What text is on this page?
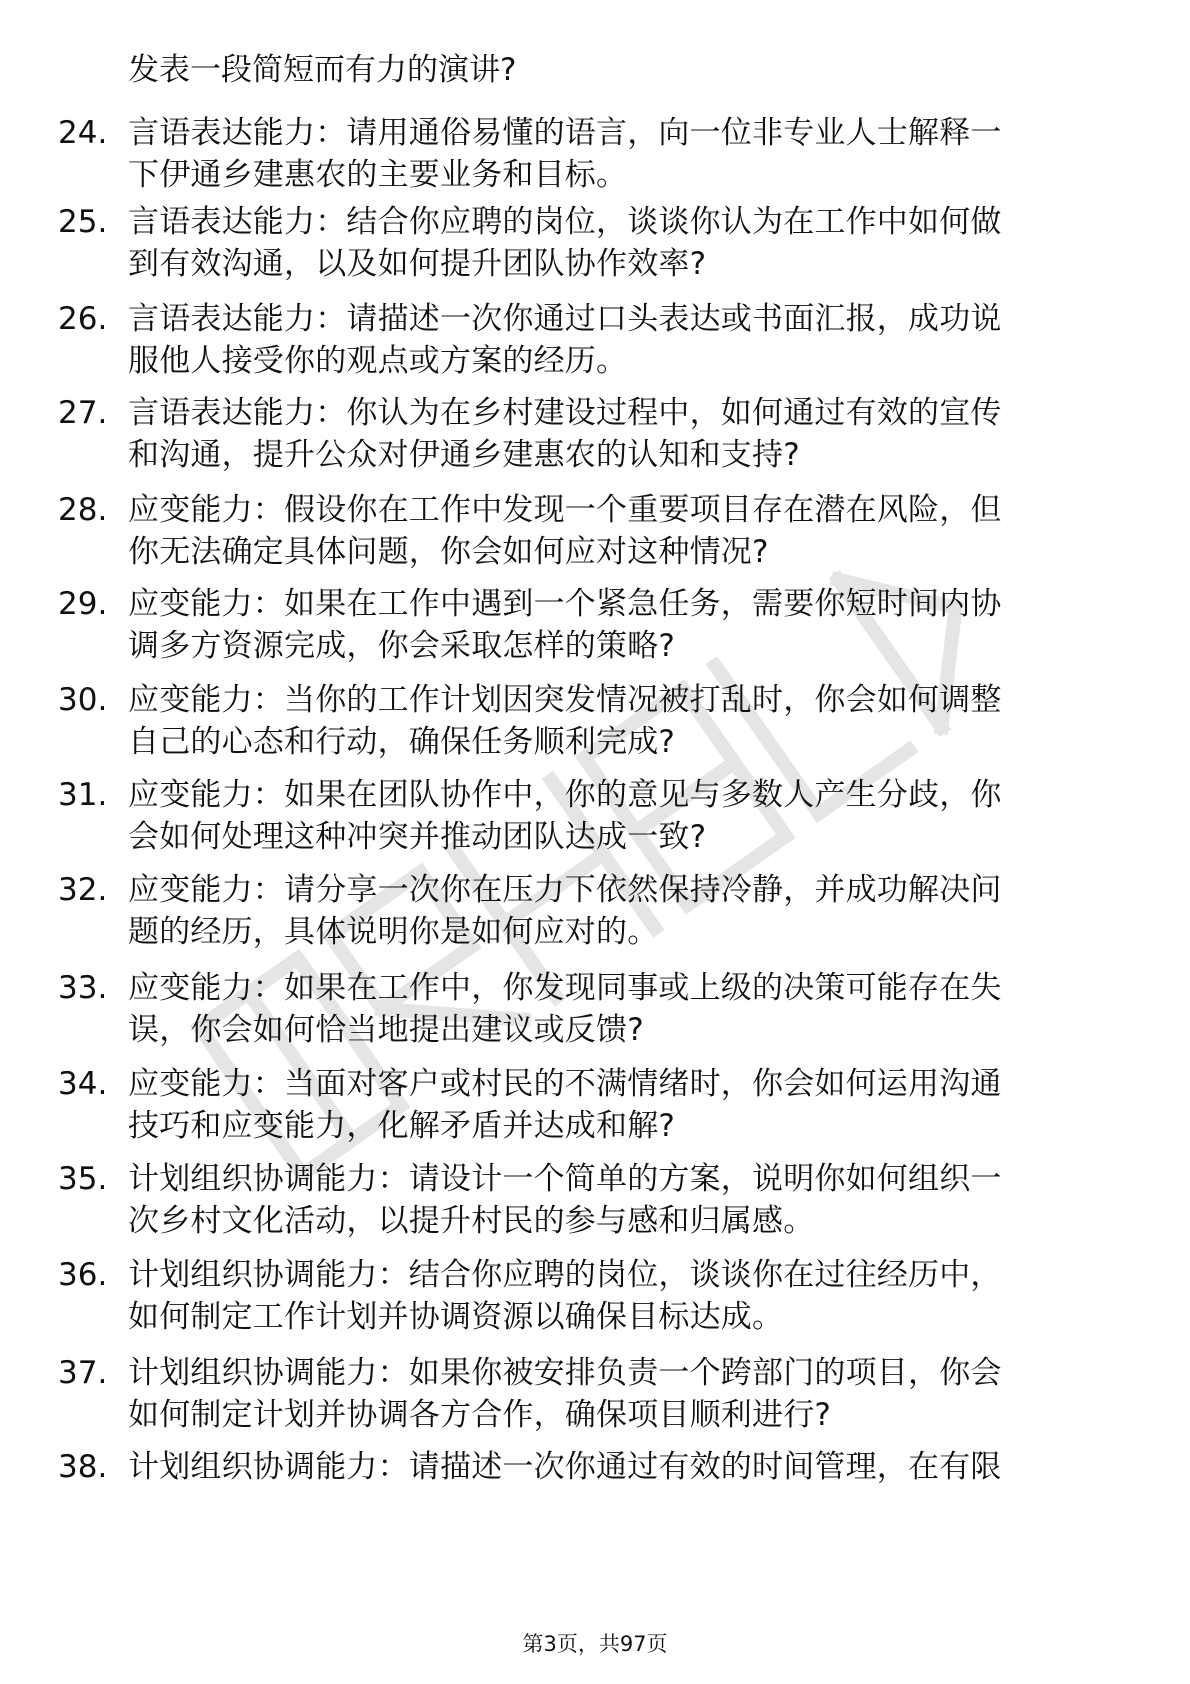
发表一段简短而有力的演讲?
24. 言语表达能力：请用通俗易懂的语言，向一位非专业人士解释一
下伊通乡建惠农的主要业务和目标。
25. 言语表达能力：结合你应聘的岗位，谈谈你认为在工作中如何做
到有效沟通，以及如何提升团队协作效率?
26. 言语表达能力：请描述一次你通过口头表达或书面汇报，成功说
服他人接受你的观点或方案的经历。
27. 言语表达能力：你认为在乡村建设过程中，如何通过有效的宣传
和沟通，提升公众对伊通乡建惠农的认知和支持?
28. 应变能力：假设你在工作中发现一个重要项目存在潜在风险，但
你无法确定具体问题，你会如何应对这种情况?
29. 应变能力：如果在工作中遇到一个紧急任务，需要你短时间内协
调多方资源完成，你会采取怎样的策略?
30. 应变能力：当你的工作计划因突发情况被打乱时，你会如何调整
自己的心态和行动，确保任务顺利完成?
31. 应变能力：如果在团队协作中，你的意见与多数人产生分歧，你
会如何处理这种冲突并推动团队达成一致?
32. 应变能力：请分享一次你在压力下依然保持冷静，并成功解决问
题的经历，具体说明你是如何应对的。
33. 应变能力：如果在工作中，你发现同事或上级的决策可能存在失
误，你会如何恰当地提出建议或反馈?
34. 应变能力：当面对客户或村民的不满情绪时，你会如何运用沟通
技巧和应变能力，化解矛盾并达成和解?
35. 计划组织协调能力：请设计一个简单的方案，说明你如何组织一
次乡村文化活动，以提升村民的参与感和归属感。
36. 计划组织协调能力：结合你应聘的岗位，谈谈你在过往经历中，
如何制定工作计划并协调资源以确保目标达成。
37. 计划组织协调能力：如果你被安排负责一个跨部门的项目，你会
如何制定计划并协调各方合作，确保项目顺利进行?
38. 计划组织协调能力：请描述一次你通过有效的时间管理，在有限
第3页，共97页
